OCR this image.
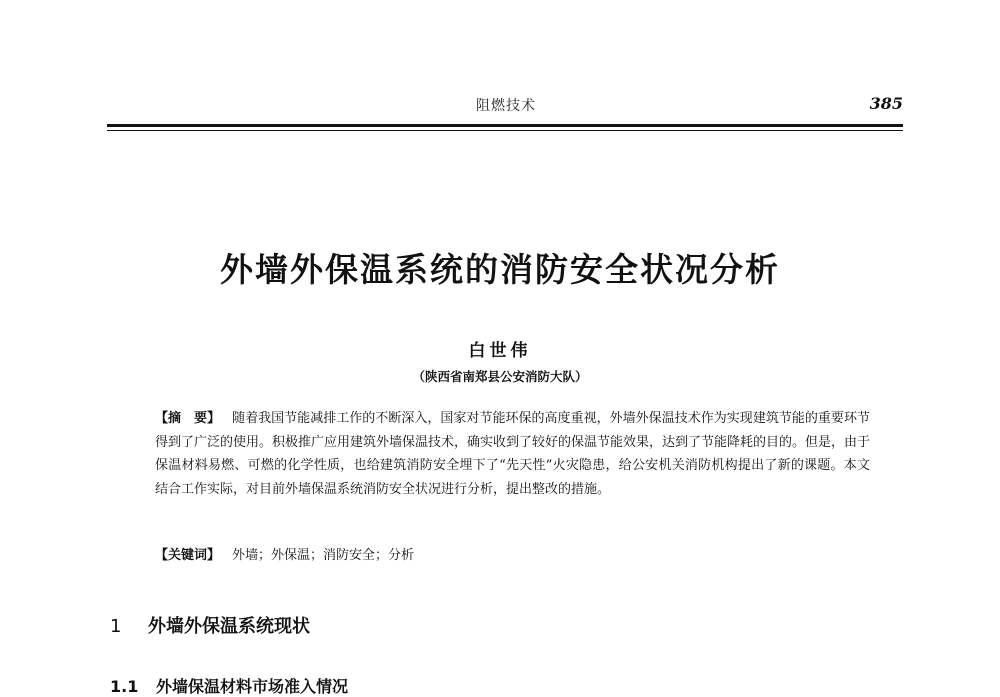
阻燃技术	385
外墙外保温系统的消防安全状况分析
白世伟
（陕西省南郑县公安消防大队）
【摘　要】 随着我国节能减排工作的不断深入，国家对节能环保的高度重视，外墙外保温技术作为实现建筑节能的重要环节得到了广泛的使用。积极推广应用建筑外墙保温技术，确实收到了较好的保温节能效果，达到了节能降耗的目的。但是，由于保温材料易燃、可燃的化学性质，也给建筑消防安全埋下了“先天性”火灾隐患，给公安机关消防机构提出了新的课题。本文结合工作实际，对目前外墙保温系统消防安全状况进行分析，提出整改的措施。
【关键词】 外墙；外保温；消防安全；分析
1 外墙外保温系统现状
1.1 外墙保温材料市场准入情况
